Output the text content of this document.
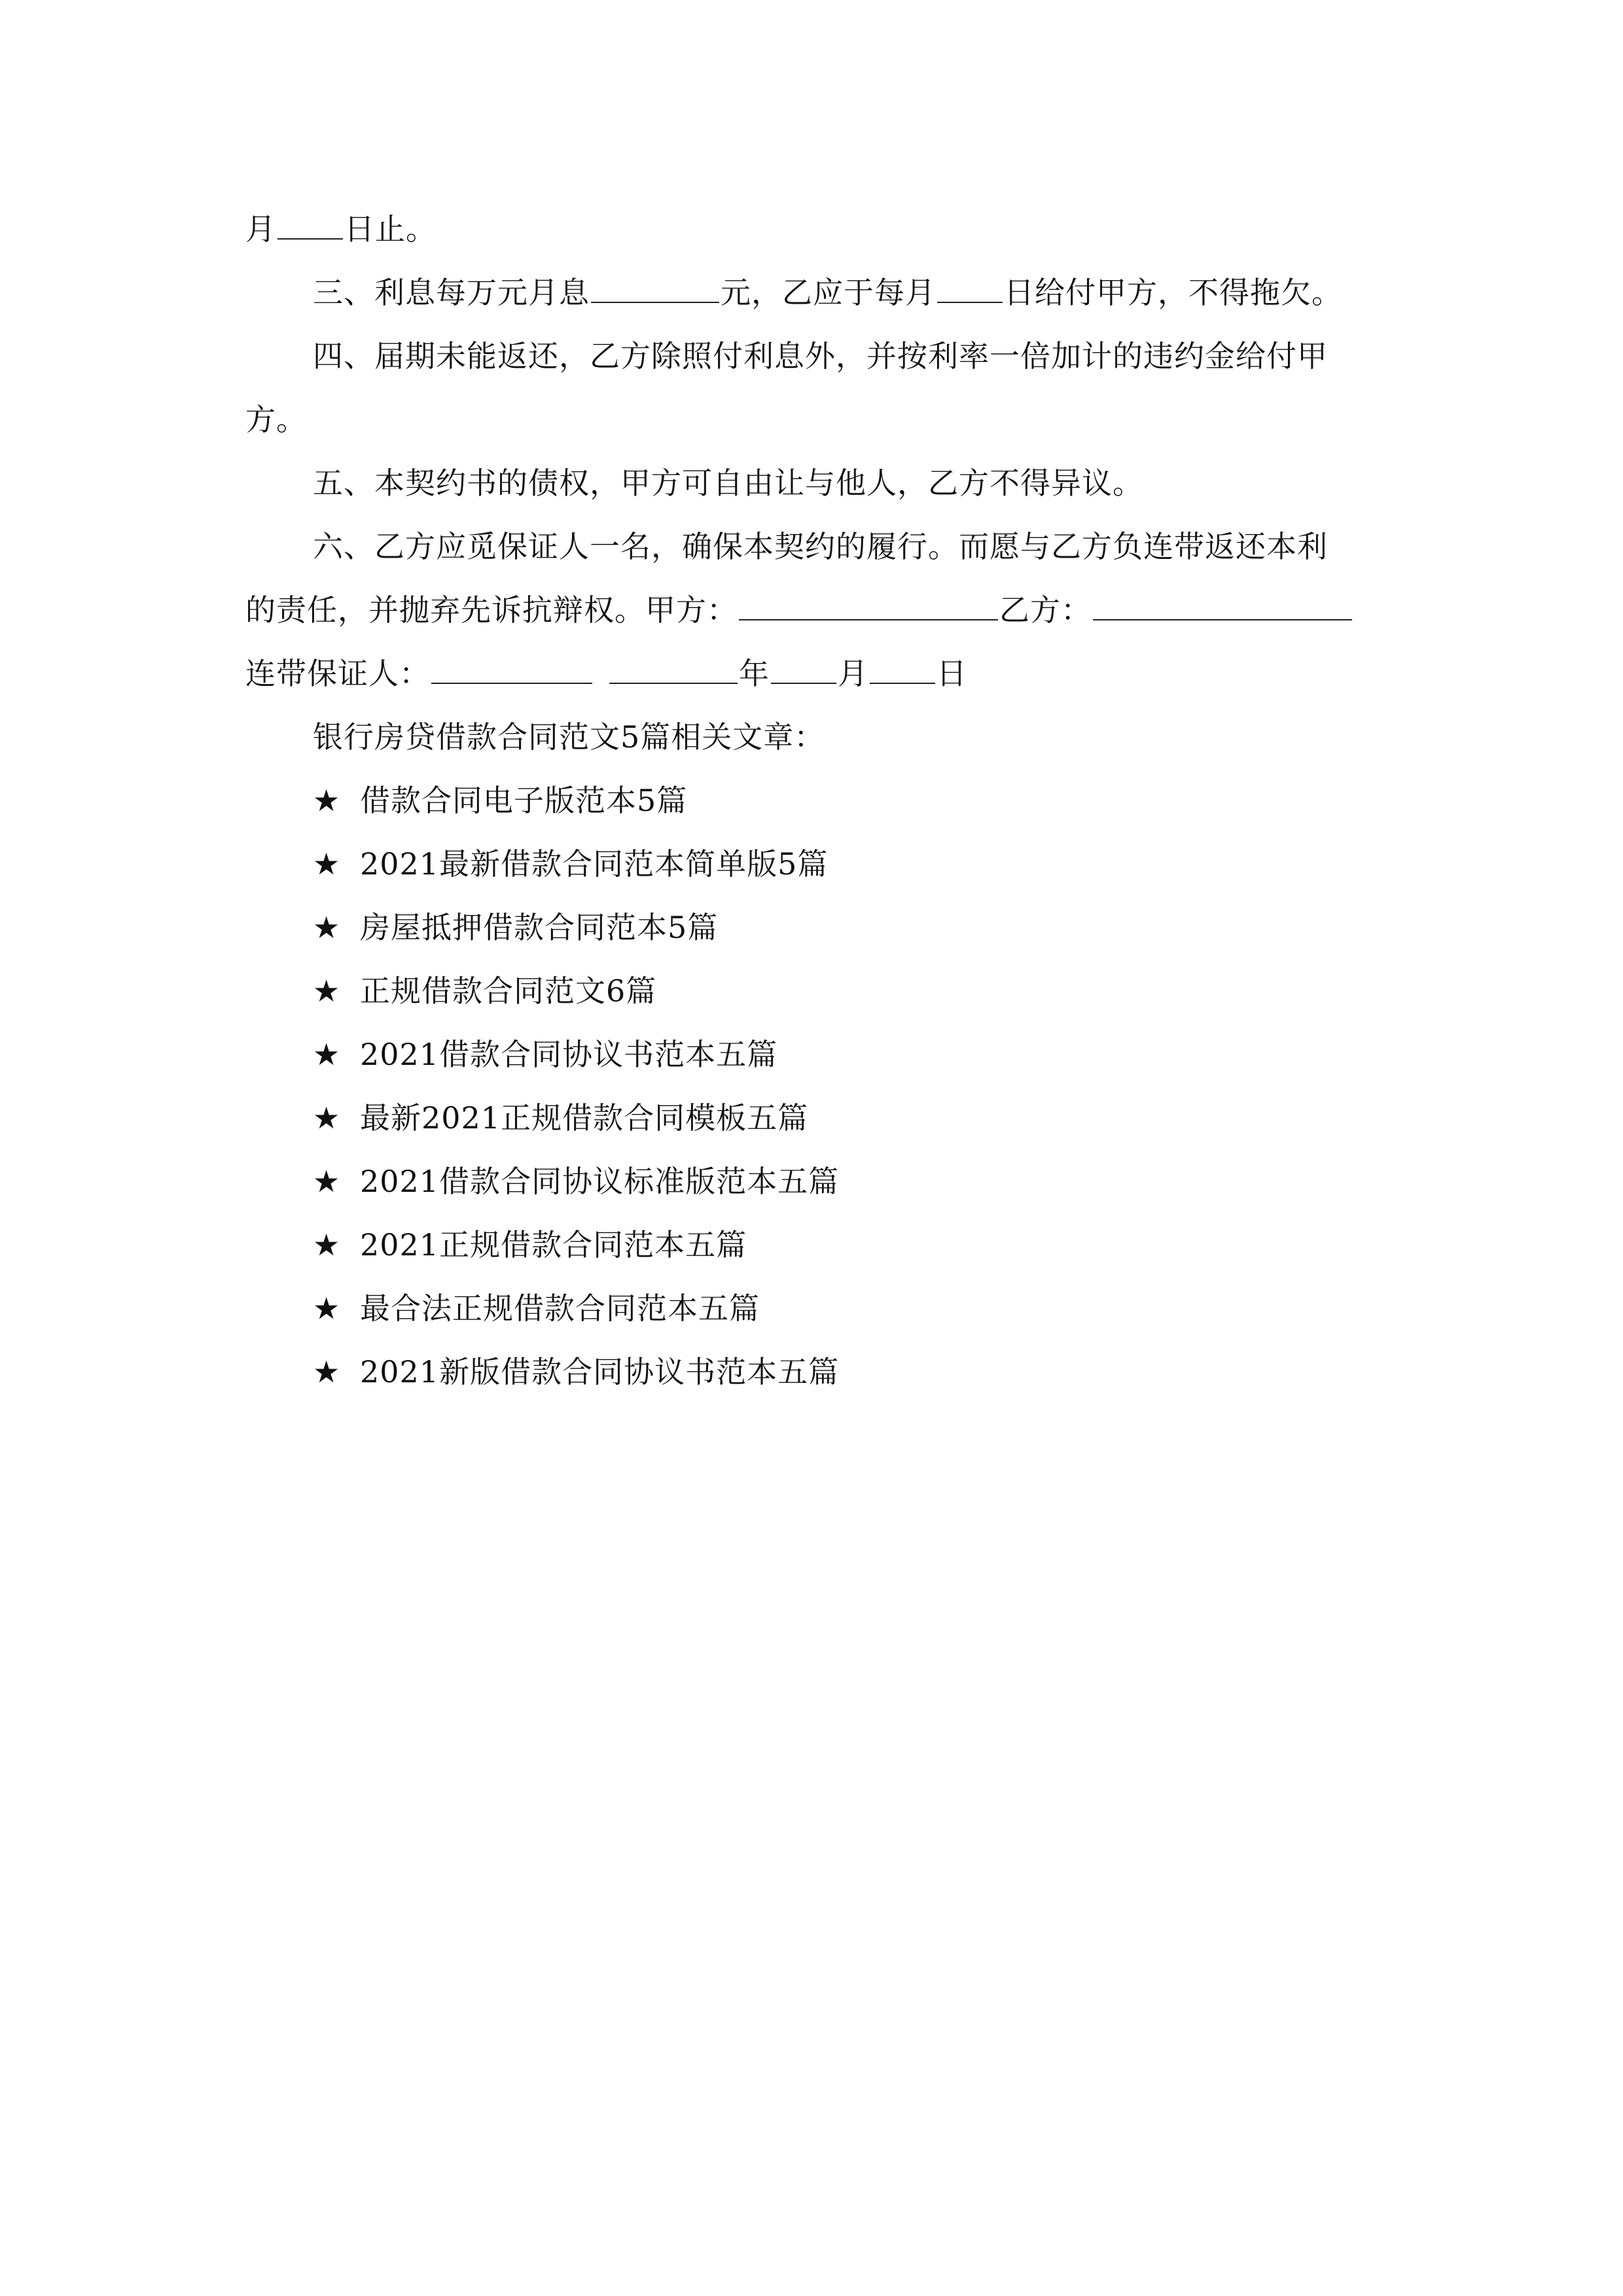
月 日止。
三、利息每万元月息	元，乙应于每月 日给付甲方，不得拖欠。
四、届期未能返还，乙方除照付利息外，并按利率一倍加计的违约金给付甲
方。
五、本契约书的债权，甲方可自由让与他人，乙方不得异议。
六、乙方应觅保证人一名，确保本契约的履行。而愿与乙方负连带返还本利
的责任，并抛弃先诉抗辩权。甲方：	乙方：
连带保证人：	年 月 日
银行房贷借款合同范文5篇相关文章：
★ 借款合同电子版范本5篇
★ 2021最新借款合同范本简单版5篇
★ 房屋抵押借款合同范本5篇
★ 正规借款合同范文6篇
★ 2021借款合同协议书范本五篇
★ 最新2021正规借款合同模板五篇
★ 2021借款合同协议标准版范本五篇
★ 2021正规借款合同范本五篇
★ 最合法正规借款合同范本五篇
★ 2021新版借款合同协议书范本五篇
